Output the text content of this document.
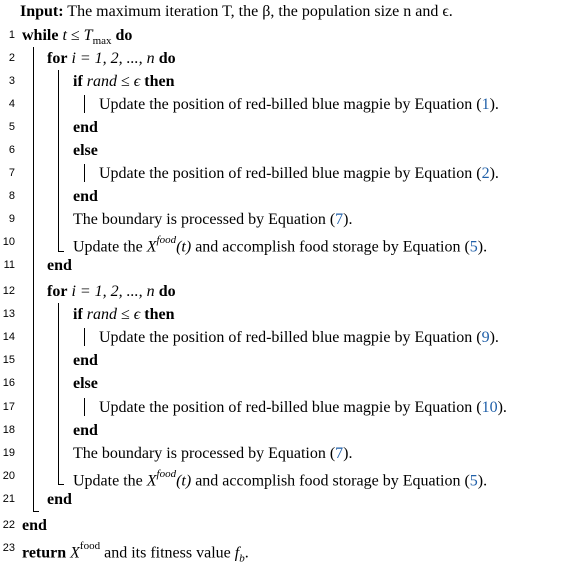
Input: The maximum iteration T, the β, the population size n and ϵ.
1 while $t \le T_{max}$ do
2 for i = 1, 2, ..., n do
3	if rand ≤ ϵ then
4	Update the position of red-billed blue magpie by Equation (1).
5	end
6	else
7	Update the position of red-billed blue magpie by Equation (2).
8	end
9	The boundary is processed by Equation (7).
10	Update the $X^{food}(t)$ and accomplish food storage by Equation (5).
11 end
12 for i = 1, 2, ..., n do
13	if rand ≤ ϵ then
14	Update the position of red-billed blue magpie by Equation (9).
15	end
16	else
17	Update the position of red-billed blue magpie by Equation (10).
18	end
19	The boundary is processed by Equation (7).
20	Update the $X^{food}(t)$ and accomplish food storage by Equation (5).
21 end
22 end
23 return $X^{food}$ and its fitness value $f_b$.
